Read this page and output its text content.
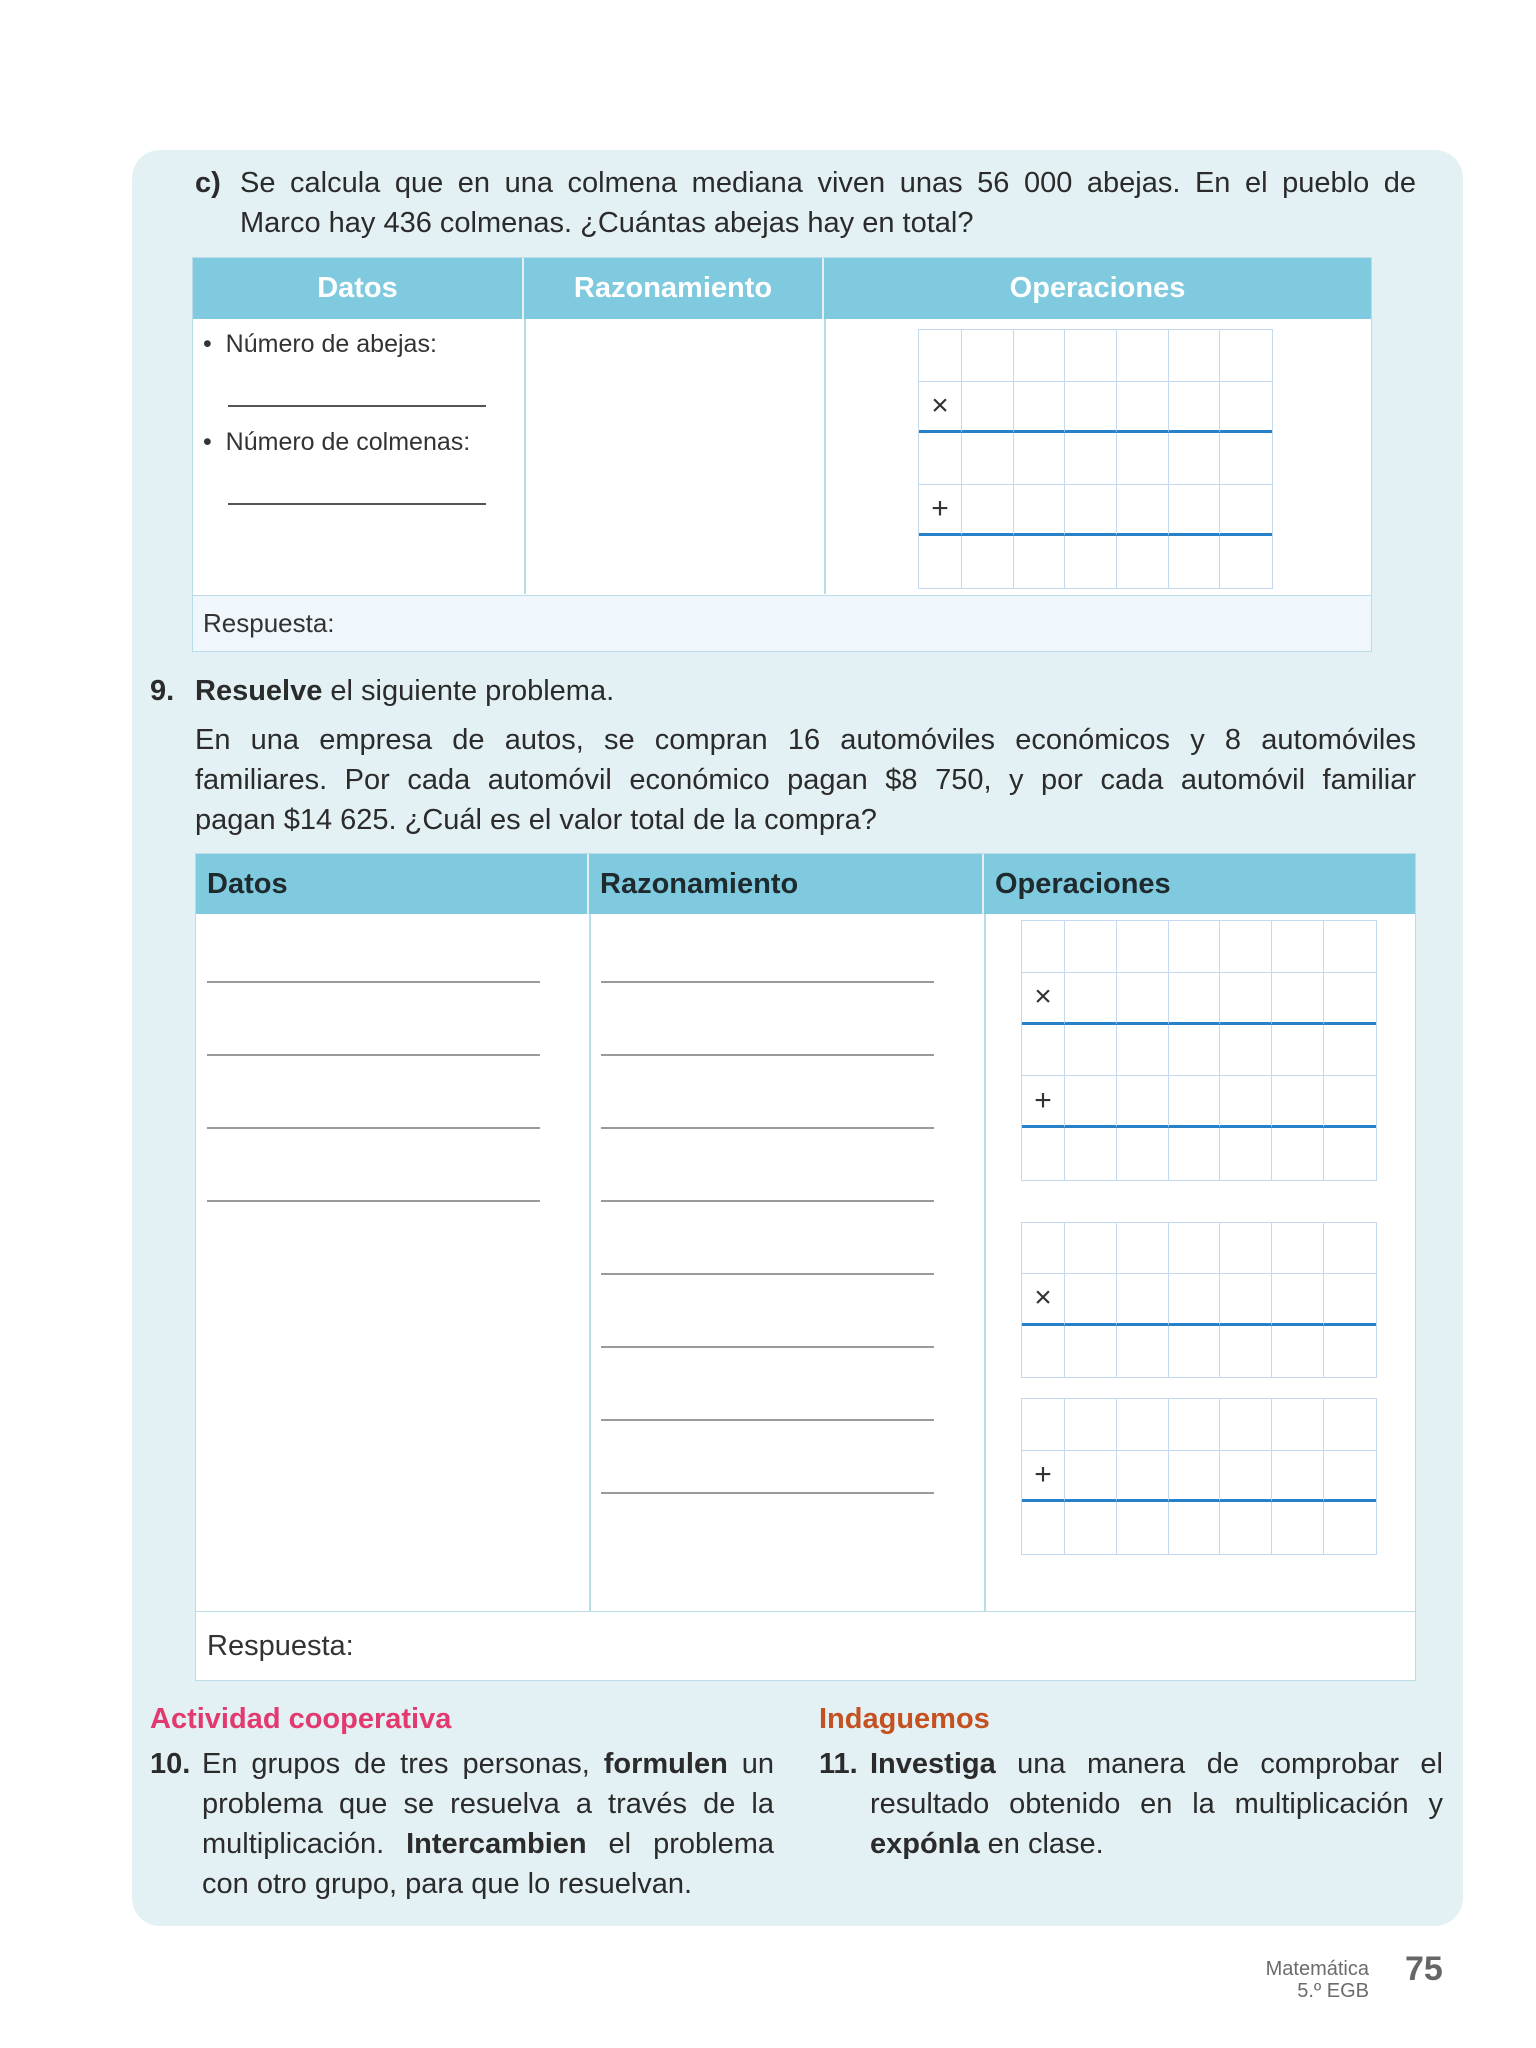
c) Se calcula que en una colmena mediana viven unas 56 000 abejas. En el pueblo de
Marco hay 436 colmenas. ¿Cuántas abejas hay en total?
Datos	Razonamiento	Operaciones
•  Número de abejas:
•  Número de colmenas:
Respuesta:
×
+
9. Resuelve el siguiente problema.
En una empresa de autos, se compran 16 automóviles económicos y 8 automóviles
familiares. Por cada automóvil económico pagan $8 750, y por cada automóvil familiar
pagan $14 625. ¿Cuál es el valor total de la compra?
Datos	Razonamiento	Operaciones
Respuesta:
×
+
×
+
Actividad cooperativa
10. En grupos de tres personas, formulen un
problema que se resuelva a través de la
multiplicación. Intercambien el problema
con otro grupo, para que lo resuelvan.
Indaguemos
11. Investiga una manera de comprobar el
resultado obtenido en la multiplicación y
expónla en clase.
Matemática
5.º EGB
75
